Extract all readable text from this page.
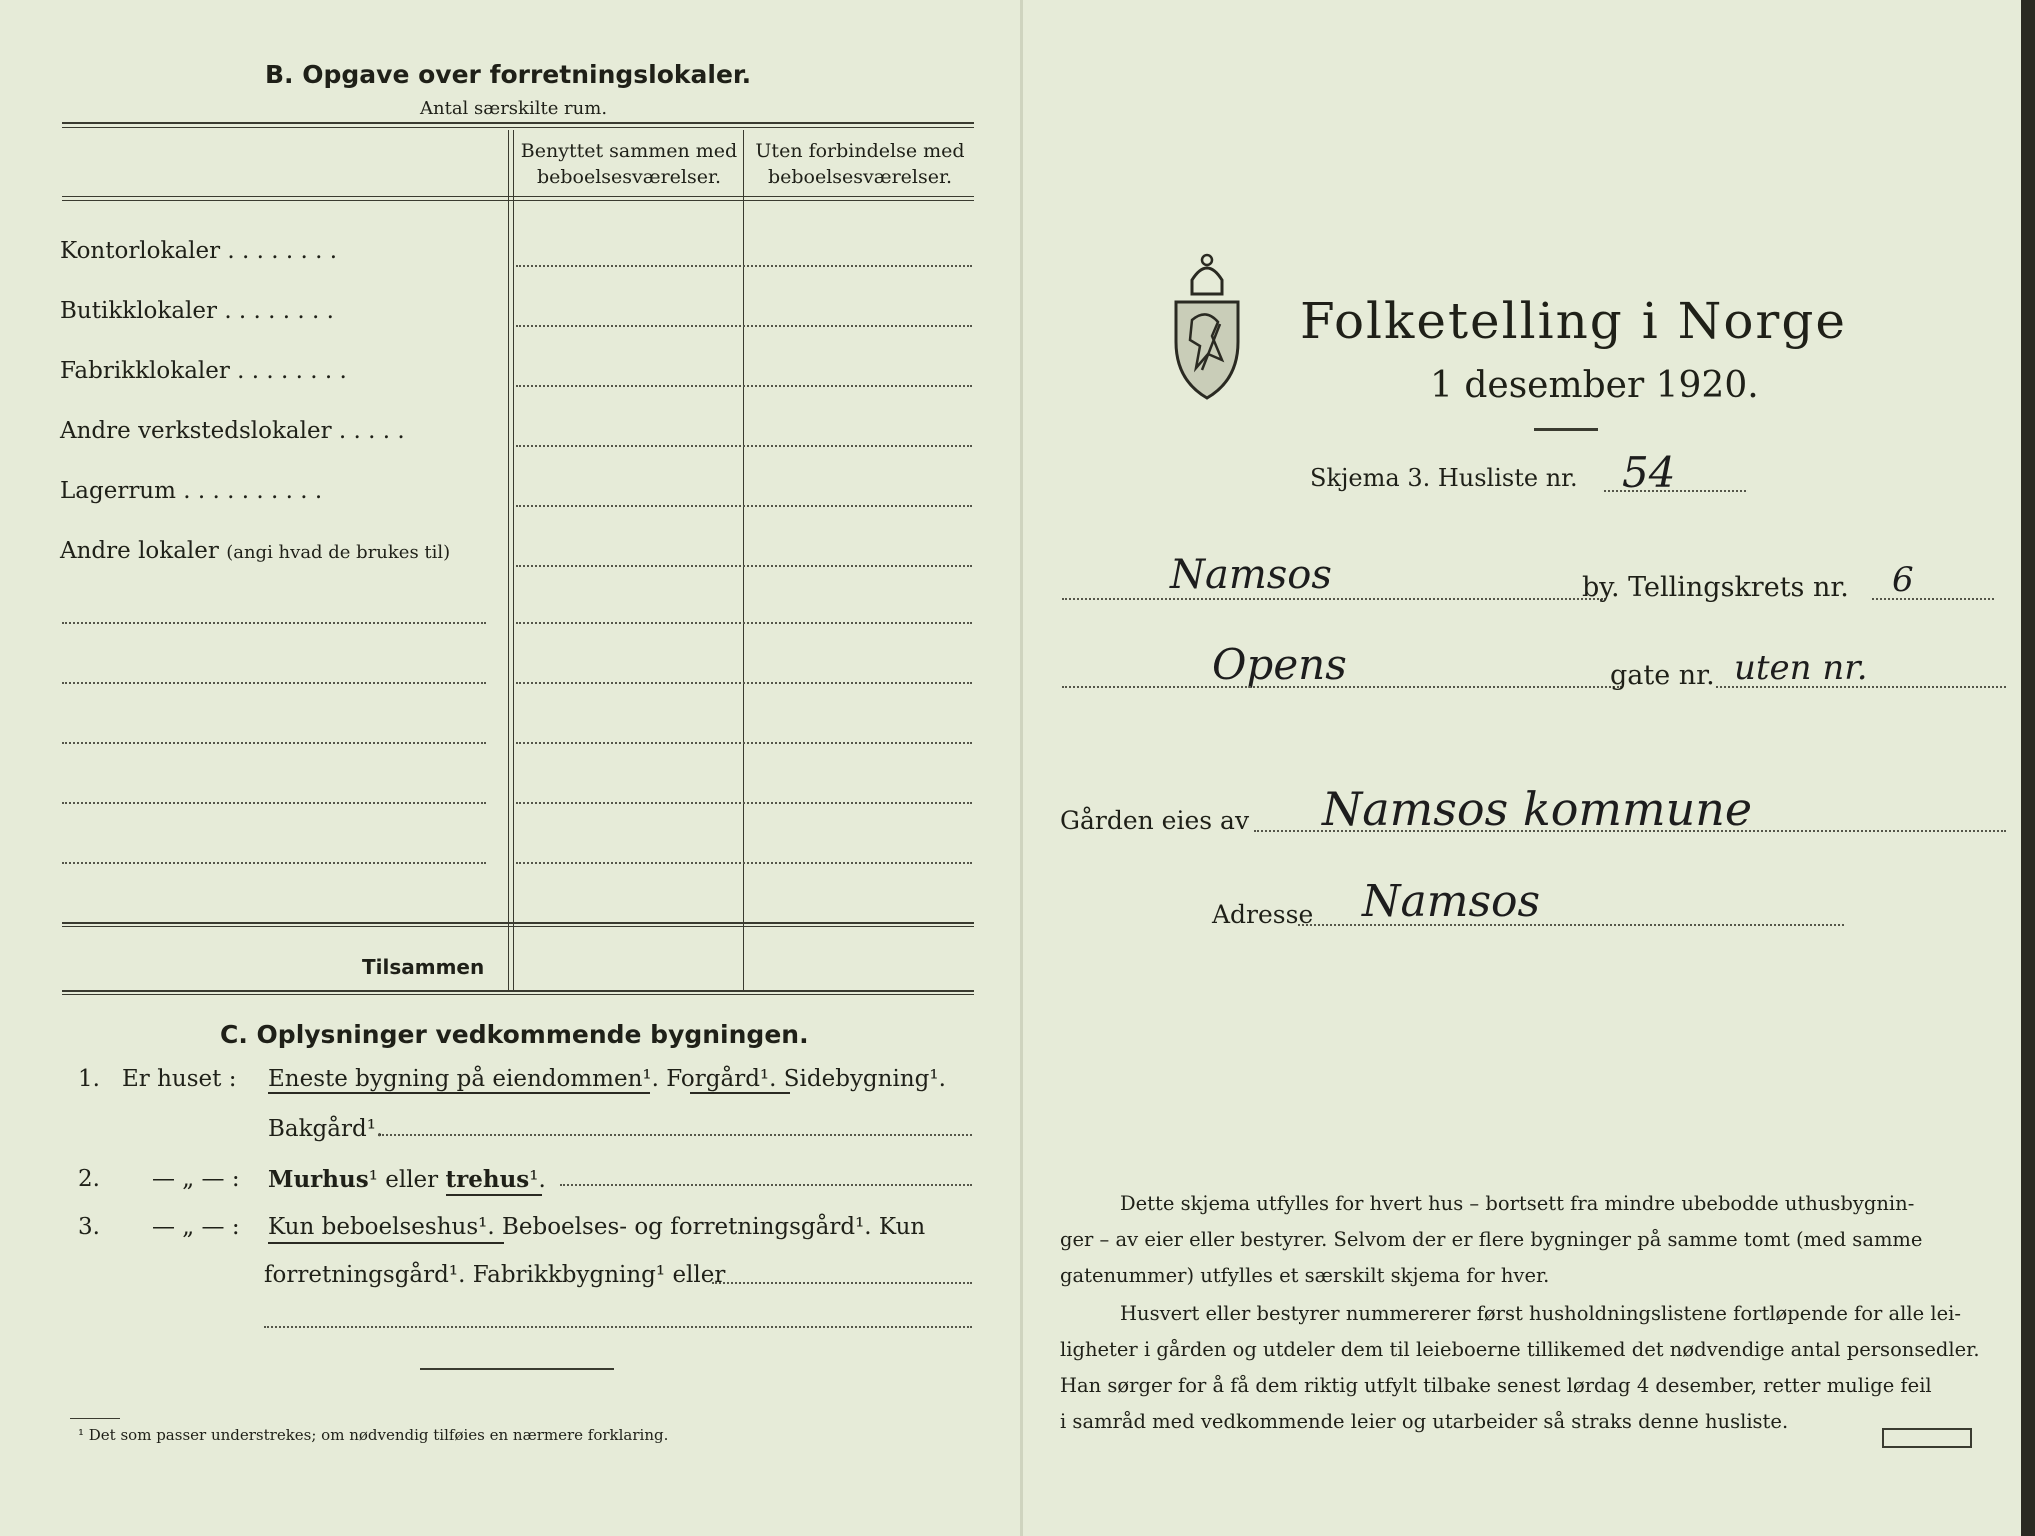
B. Opgave over forretningslokaler.
Antal særskilte rum.
Benyttet sammen med
beboelsesværelser.
Uten forbindelse med
beboelsesværelser.
Kontorlokaler . . . . . . . .
Butikklokaler . . . . . . . .
Fabrikklokaler . . . . . . . .
Andre verkstedslokaler . . . . .
Lagerrum . . . . . . . . . .
Andre lokaler (angi hvad de brukes til)
Tilsammen
C. Oplysninger vedkommende bygningen.
1. Er huset : Eneste bygning på eiendommen¹. Forgård¹. Sidebygning¹.
Bakgård¹.
2. — „ — : Murhus¹ eller trehus¹.
3. — „ — : Kun beboelseshus¹. Beboelses- og forretningsgård¹. Kun
forretningsgård¹. Fabrikkbygning¹ eller
¹ Det som passer understrekes; om nødvendig tilføies en nærmere forklaring.
Folketelling i Norge
1 desember 1920.
Skjema 3. Husliste nr. 54
Namsos	by. Tellingskrets nr. 6
Opens	gate nr. uten nr.
Gården eies av Namsos kommune
Adresse Namsos
Dette skjema utfylles for hvert hus – bortsett fra mindre ubebodde uthusbygnin-
ger – av eier eller bestyrer. Selvom der er flere bygninger på samme tomt (med samme
gatenummer) utfylles et særskilt skjema for hver.
Husvert eller bestyrer nummererer først husholdningslistene fortløpende for alle lei-
ligheter i gården og utdeler dem til leieboerne tillikemed det nødvendige antal personsedler.
Han sørger for å få dem riktig utfylt tilbake senest lørdag 4 desember, retter mulige feil
i samråd med vedkommende leier og utarbeider så straks denne husliste.
